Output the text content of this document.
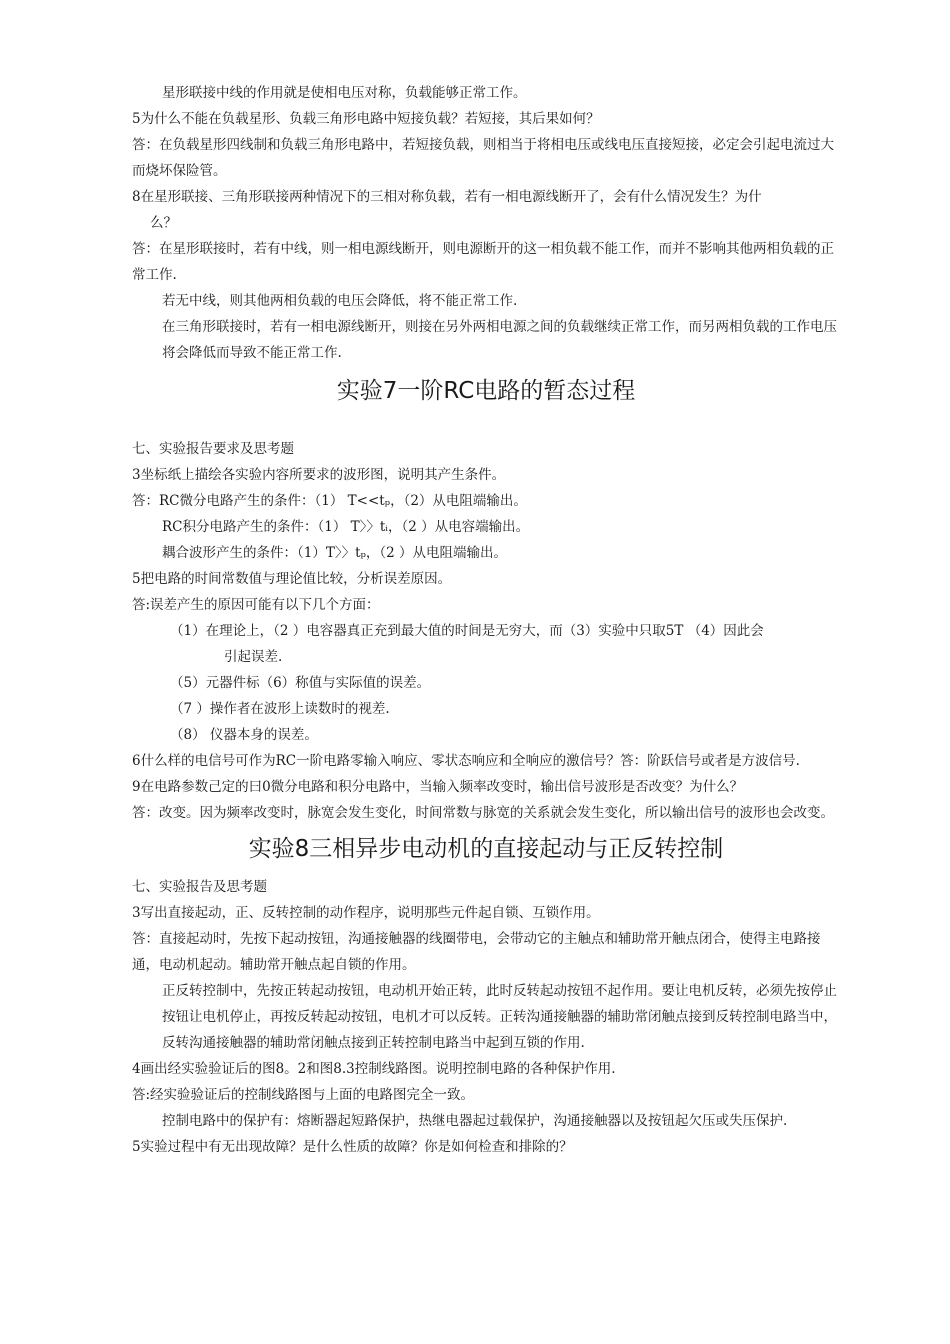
星形联接中线的作用就是使相电压对称，负载能够正常工作。

5为什么不能在负载星形、负载三角形电路中短接负载？若短接，其后果如何？

答：在负载星形四线制和负载三角形电路中，若短接负载，则相当于将相电压或线电压直接短接，必定会引起电流过大而烧坏保险管。

8在星形联接、三角形联接两种情况下的三相对称负载，若有一相电源线断开了，会有什么情况发生？为什

么？

答：在星形联接时，若有中线，则一相电源线断开，则电源断开的这一相负载不能工作，而并不影响其他两相负载的正常工作.

若无中线，则其他两相负载的电压会降低，将不能正常工作.

在三角形联接时，若有一相电源线断开，则接在另外两相电源之间的负载继续正常工作，而另两相负载的工作电压将会降低而导致不能正常工作.

实验7一阶RC电路的暂态过程

七、实验报告要求及思考题

3坐标纸上描绘各实验内容所要求的波形图，说明其产生条件。

答：RC微分电路产生的条件：（1） T<<tₚ，（2）从电阻端输出。

RC积分电路产生的条件：（1） T〉〉tᵢ，（2 ）从电容端输出。

耦合波形产生的条件：（1）T〉〉tₚ，（2 ）从电阻端输出。

5把电路的时间常数值与理论值比较，分析误差原因。

答:误差产生的原因可能有以下几个方面：

（1）在理论上，（2 ）电容器真正充到最大值的时间是无穷大，而（3）实验中只取5T （4）因此会

引起误差.

（5）元器件标（6）称值与实际值的误差。

（7 ）操作者在波形上读数时的视差.

（8） 仪器本身的误差。

6什么样的电信号可作为RC一阶电路零输入响应、零状态响应和全响应的激信号？答：阶跃信号或者是方波信号.

9在电路参数己定的曰0微分电路和积分电路中，当输入频率改变时，输出信号波形是否改变？为什么？

答：改变。因为频率改变时，脉宽会发生变化，时间常数与脉宽的关系就会发生变化，所以输出信号的波形也会改变。

实验8三相异步电动机的直接起动与正反转控制

七、实验报告及思考题

3写出直接起动，正、反转控制的动作程序，说明那些元件起自锁、互锁作用。

答：直接起动时，先按下起动按钮，沟通接触器的线圈带电，会带动它的主触点和辅助常开触点闭合，使得主电路接通，电动机起动。辅助常开触点起自锁的作用。

正反转控制中，先按正转起动按钮，电动机开始正转，此时反转起动按钮不起作用。要让电机反转，必须先按停止按钮让电机停止，再按反转起动按钮，电机才可以反转。正转沟通接触器的辅助常闭触点接到反转控制电路当中，反转沟通接触器的辅助常闭触点接到正转控制电路当中起到互锁的作用.

4画出经实验验证后的图8。2和图8.3控制线路图。说明控制电路的各种保护作用.

答:经实验验证后的控制线路图与上面的电路图完全一致。

控制电路中的保护有：熔断器起短路保护，热继电器起过载保护，沟通接触器以及按钮起欠压或失压保护.

5实验过程中有无出现故障？是什么性质的故障？你是如何检查和排除的？
